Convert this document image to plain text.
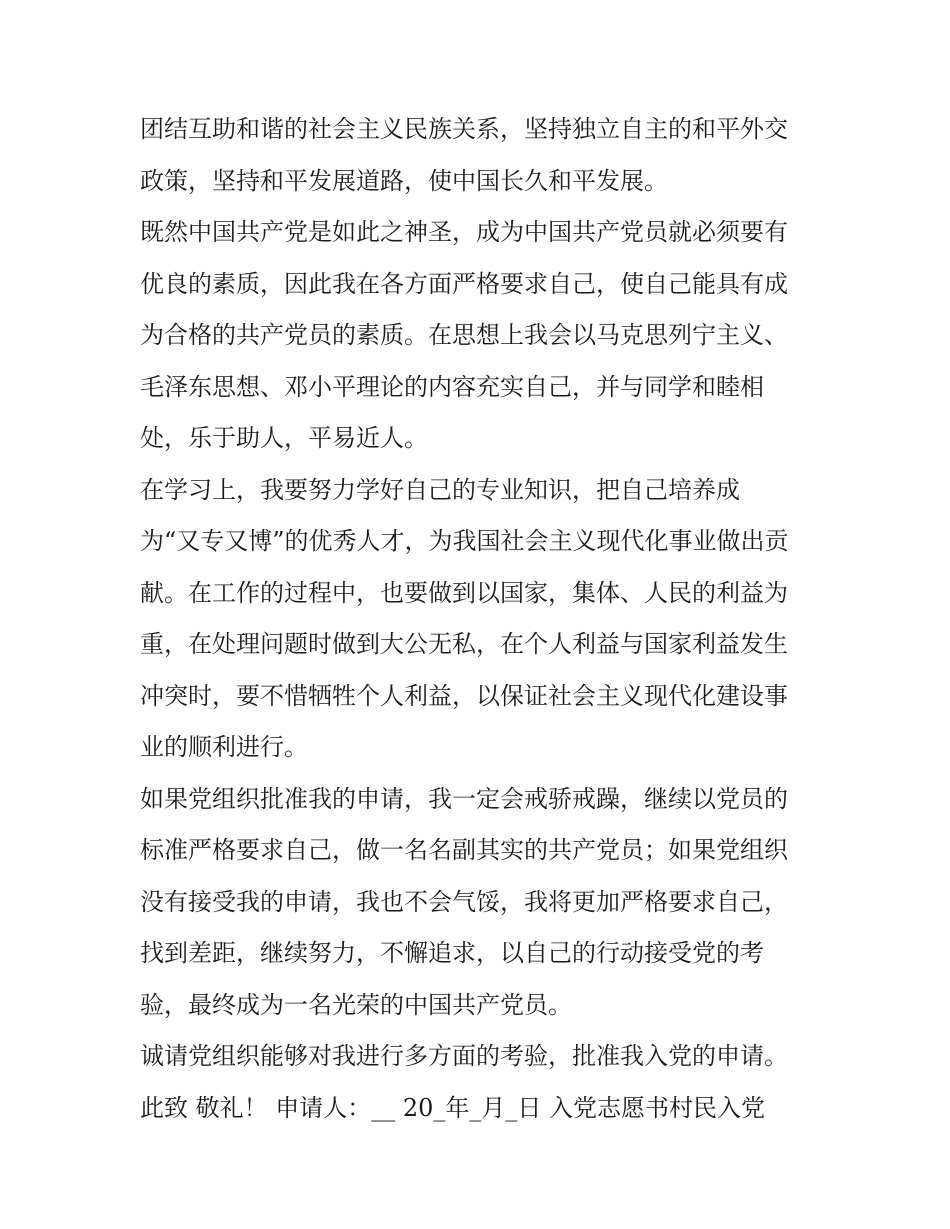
团结互助和谐的社会主义民族关系，坚持独立自主的和平外交
政策，坚持和平发展道路，使中国长久和平发展。
既然中国共产党是如此之神圣，成为中国共产党员就必须要有
优良的素质，因此我在各方面严格要求自己，使自己能具有成
为合格的共产党员的素质。在思想上我会以马克思列宁主义、
毛泽东思想、邓小平理论的内容充实自己，并与同学和睦相
处，乐于助人，平易近人。
在学习上，我要努力学好自己的专业知识，把自己培养成
为“又专又博”的优秀人才，为我国社会主义现代化事业做出贡
献。在工作的过程中，也要做到以国家，集体、人民的利益为
重，在处理问题时做到大公无私，在个人利益与国家利益发生
冲突时，要不惜牺牲个人利益，以保证社会主义现代化建设事
业的顺利进行。
如果党组织批准我的申请，我一定会戒骄戒躁，继续以党员的
标准严格要求自己，做一名名副其实的共产党员；如果党组织
没有接受我的申请，我也不会气馁，我将更加严格要求自己，
找到差距，继续努力，不懈追求，以自己的行动接受党的考
验，最终成为一名光荣的中国共产党员。
诚请党组织能够对我进行多方面的考验，批准我入党的申请。
此致 敬礼！ 申请人：__ 20_年_月_日 入党志愿书村民入党
